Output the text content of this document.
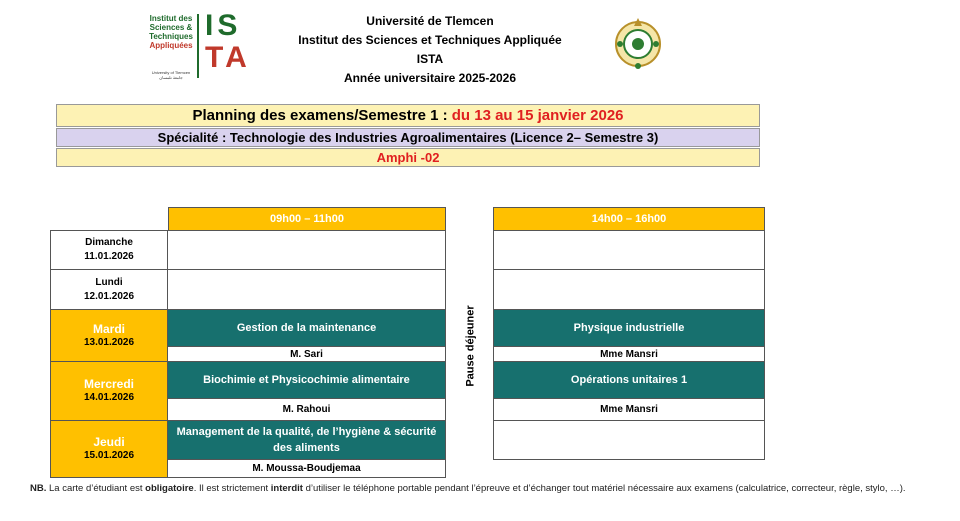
Institut des
Sciences &
Techniques
Appliquées
University of Tlemcen جامعة تلمسان
IS
TA
Université de Tlemcen
Institut des Sciences et Techniques Appliquée
ISTA
Année universitaire 2025-2026
Planning des examens/Semestre 1 : du 13 au 15 janvier 2026
Spécialité : Technologie des Industries Agroalimentaires (Licence 2– Semestre 3)
Amphi -02
09h00 – 11h00	14h00 – 16h00
Dimanche
11.01.2026
Lundi
12.01.2026
Mardi
13.01.2026
Mercredi
14.01.2026
Jeudi
15.01.2026
Gestion de la maintenance
M. Sari
Biochimie et Physicochimie alimentaire
M. Rahoui
Management de la qualité, de l’hygiène & sécurité des aliments
M. Moussa-Boudjemaa
Pause déjeuner	Physique industrielle
Mme Mansri
Opérations unitaires 1
Mme Mansri
NB. La carte d’étudiant est obligatoire. Il est strictement interdit d’utiliser le téléphone portable pendant l’épreuve et d’échanger tout matériel nécessaire aux examens (calculatrice, correcteur, règle, stylo, …).
